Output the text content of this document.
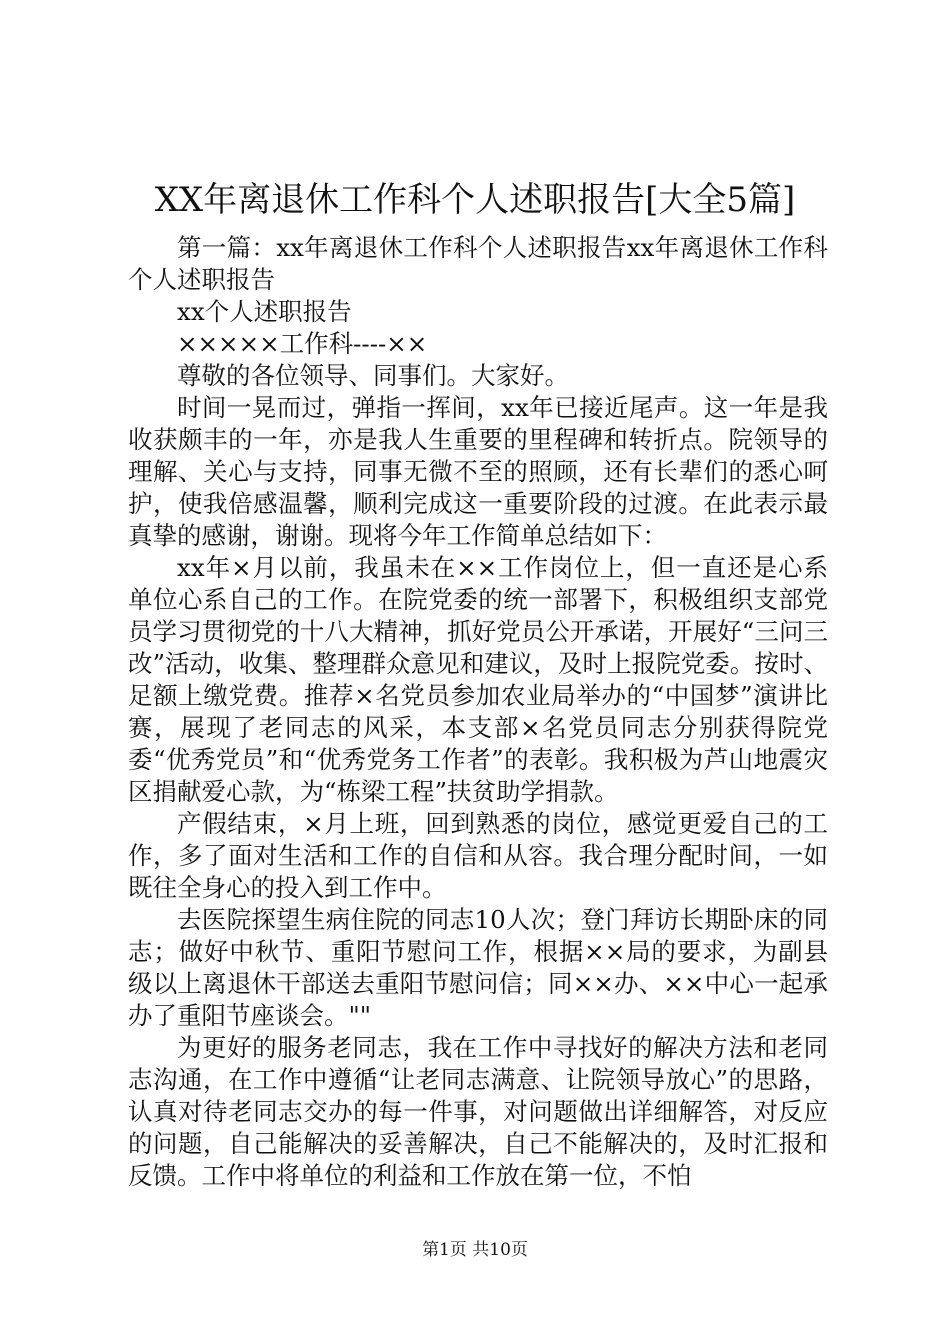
XX年离退休工作科个人述职报告[大全5篇]

第一篇：xx年离退休工作科个人述职报告xx年离退休工作科个人述职报告

xx个人述职报告

×××××工作科----××

尊敬的各位领导、同事们。大家好。

时间一晃而过，弹指一挥间，xx年已接近尾声。这一年是我收获颇丰的一年，亦是我人生重要的里程碑和转折点。院领导的理解、关心与支持，同事无微不至的照顾，还有长辈们的悉心呵护，使我倍感温馨，顺利完成这一重要阶段的过渡。在此表示最真挚的感谢，谢谢。现将今年工作简单总结如下：

xx年×月以前，我虽未在××工作岗位上，但一直还是心系单位心系自己的工作。在院党委的统一部署下，积极组织支部党员学习贯彻党的十八大精神，抓好党员公开承诺，开展好“三问三改”活动，收集、整理群众意见和建议，及时上报院党委。按时、足额上缴党费。推荐×名党员参加农业局举办的“中国梦”演讲比赛，展现了老同志的风采，本支部×名党员同志分别获得院党委“优秀党员”和“优秀党务工作者”的表彰。我积极为芦山地震灾区捐献爱心款，为“栋梁工程”扶贫助学捐款。

产假结束，×月上班，回到熟悉的岗位，感觉更爱自己的工作，多了面对生活和工作的自信和从容。我合理分配时间，一如既往全身心的投入到工作中。

去医院探望生病住院的同志10人次；登门拜访长期卧床的同志；做好中秋节、重阳节慰问工作，根据××局的要求，为副县级以上离退休干部送去重阳节慰问信；同××办、××中心一起承办了重阳节座谈会。""

为更好的服务老同志，我在工作中寻找好的解决方法和老同志沟通，在工作中遵循“让老同志满意、让院领导放心”的思路，认真对待老同志交办的每一件事，对问题做出详细解答，对反应的问题，自己能解决的妥善解决，自己不能解决的，及时汇报和反馈。工作中将单位的利益和工作放在第一位，不怕

第1页 共10页
